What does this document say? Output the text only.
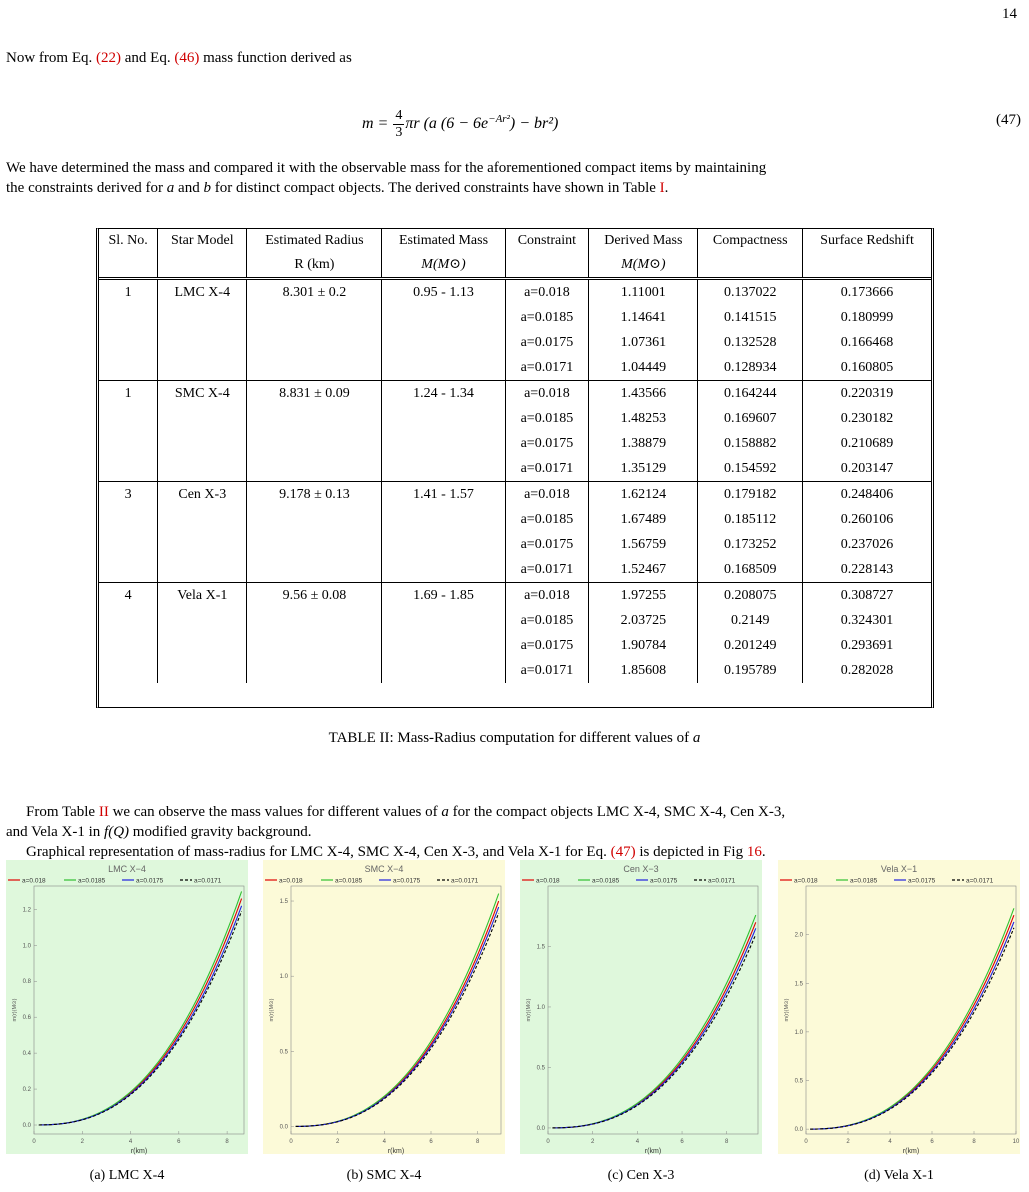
14
Now from Eq. (22) and Eq. (46) mass function derived as
$m = \frac{4}{3}$ πr (a $(6 - 6e^{-Ar^2}) - br^2$)	(47)
We have determined the mass and compared it with the observable mass for the aforementioned compact items by maintaining
the constraints derived for a and b for distinct compact objects. The derived constraints have shown in Table I.
Sl. No.	Star Model	Estimated Radius	Estimated Mass	Constraint	Derived Mass	Compactness	Surface Redshift
		R (km)	M(M⊙)		M(M⊙)		
1	LMC X-4	8.301 ± 0.2	0.95 - 1.13	a=0.018	1.11001	0.137022	0.173666
				a=0.0185	1.14641	0.141515	0.180999
				a=0.0175	1.07361	0.132528	0.166468
				a=0.0171	1.04449	0.128934	0.160805
1	SMC X-4	8.831 ± 0.09	1.24 - 1.34	a=0.018	1.43566	0.164244	0.220319
				a=0.0185	1.48253	0.169607	0.230182
				a=0.0175	1.38879	0.158882	0.210689
				a=0.0171	1.35129	0.154592	0.203147
3	Cen X-3	9.178 ± 0.13	1.41 - 1.57	a=0.018	1.62124	0.179182	0.248406
				a=0.0185	1.67489	0.185112	0.260106
				a=0.0175	1.56759	0.173252	0.237026
				a=0.0171	1.52467	0.168509	0.228143
4	Vela X-1	9.56 ± 0.08	1.69 - 1.85	a=0.018	1.97255	0.208075	0.308727
				a=0.0185	2.03725	0.2149	0.324301
				a=0.0175	1.90784	0.201249	0.293691
				a=0.0171	1.85608	0.195789	0.282028
TABLE II: Mass-Radius computation for different values of a
From Table II we can observe the mass values for different values of a for the compact objects LMC X-4, SMC X-4, Cen X-3,
and Vela X-1 in f(Q) modified gravity background.
Graphical representation of mass-radius for LMC X-4, SMC X-4, Cen X-3, and Vela X-1 for Eq. (47) is depicted in Fig 16.
LMC X−4
a=0.018	a=0.0185	a=0.0175	a=0.0171
0	2	4	6	8
0.0
0.2
0.4
0.6
0.8
1.0
1.2
r(km)
m(r)(M⊙)
SMC X−4
a=0.018	a=0.0185	a=0.0175	a=0.0171
0	2	4	6	8
0.0
0.5
1.0
1.5
r(km)
m(r)(M⊙)
Cen X−3
a=0.018	a=0.0185	a=0.0175	a=0.0171
0	2	4	6	8
0.0
0.5
1.0
1.5
r(km)
m(r)(M⊙)
Vela X−1
a=0.018	a=0.0185	a=0.0175	a=0.0171
0	2	4	6	8	10
0.0
0.5
1.0
1.5
2.0
r(km)
m(r)(M⊙)
(a) LMC X-4	(b) SMC X-4	(c) Cen X-3	(d) Vela X-1
